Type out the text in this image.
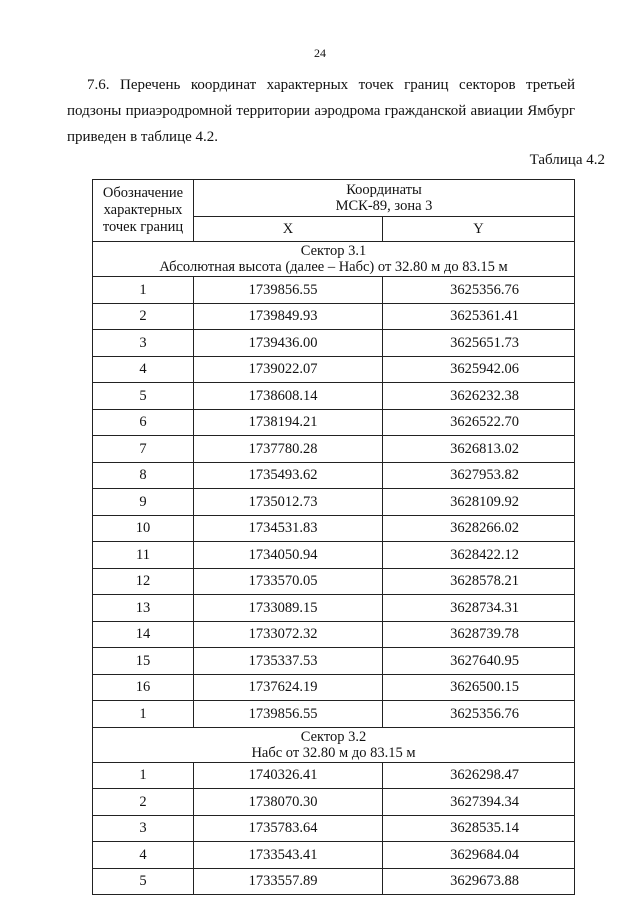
24
7.6. Перечень координат характерных точек границ секторов третьей подзоны приаэродромной территории аэродрома гражданской авиации Ямбург приведен в таблице 4.2.
Таблица 4.2
Обозначение характерных точек границ	Координаты
МСК-89, зона 3	

	X	Y

Сектор 3.1
Абсолютная высота (далее – Набс) от 32.80 м до 83.15 м		

1	1739856.55	3625356.76
2	1739849.93	3625361.41
3	1739436.00	3625651.73
4	1739022.07	3625942.06
5	1738608.14	3626232.38
6	1738194.21	3626522.70
7	1737780.28	3626813.02
8	1735493.62	3627953.82
9	1735012.73	3628109.92
10	1734531.83	3628266.02
11	1734050.94	3628422.12
12	1733570.05	3628578.21
13	1733089.15	3628734.31
14	1733072.32	3628739.78
15	1735337.53	3627640.95
16	1737624.19	3626500.15
1	1739856.55	3625356.76

Сектор 3.2
Набс от 32.80 м до 83.15 м		

1	1740326.41	3626298.47
2	1738070.30	3627394.34
3	1735783.64	3628535.14
4	1733543.41	3629684.04
5	1733557.89	3629673.88
